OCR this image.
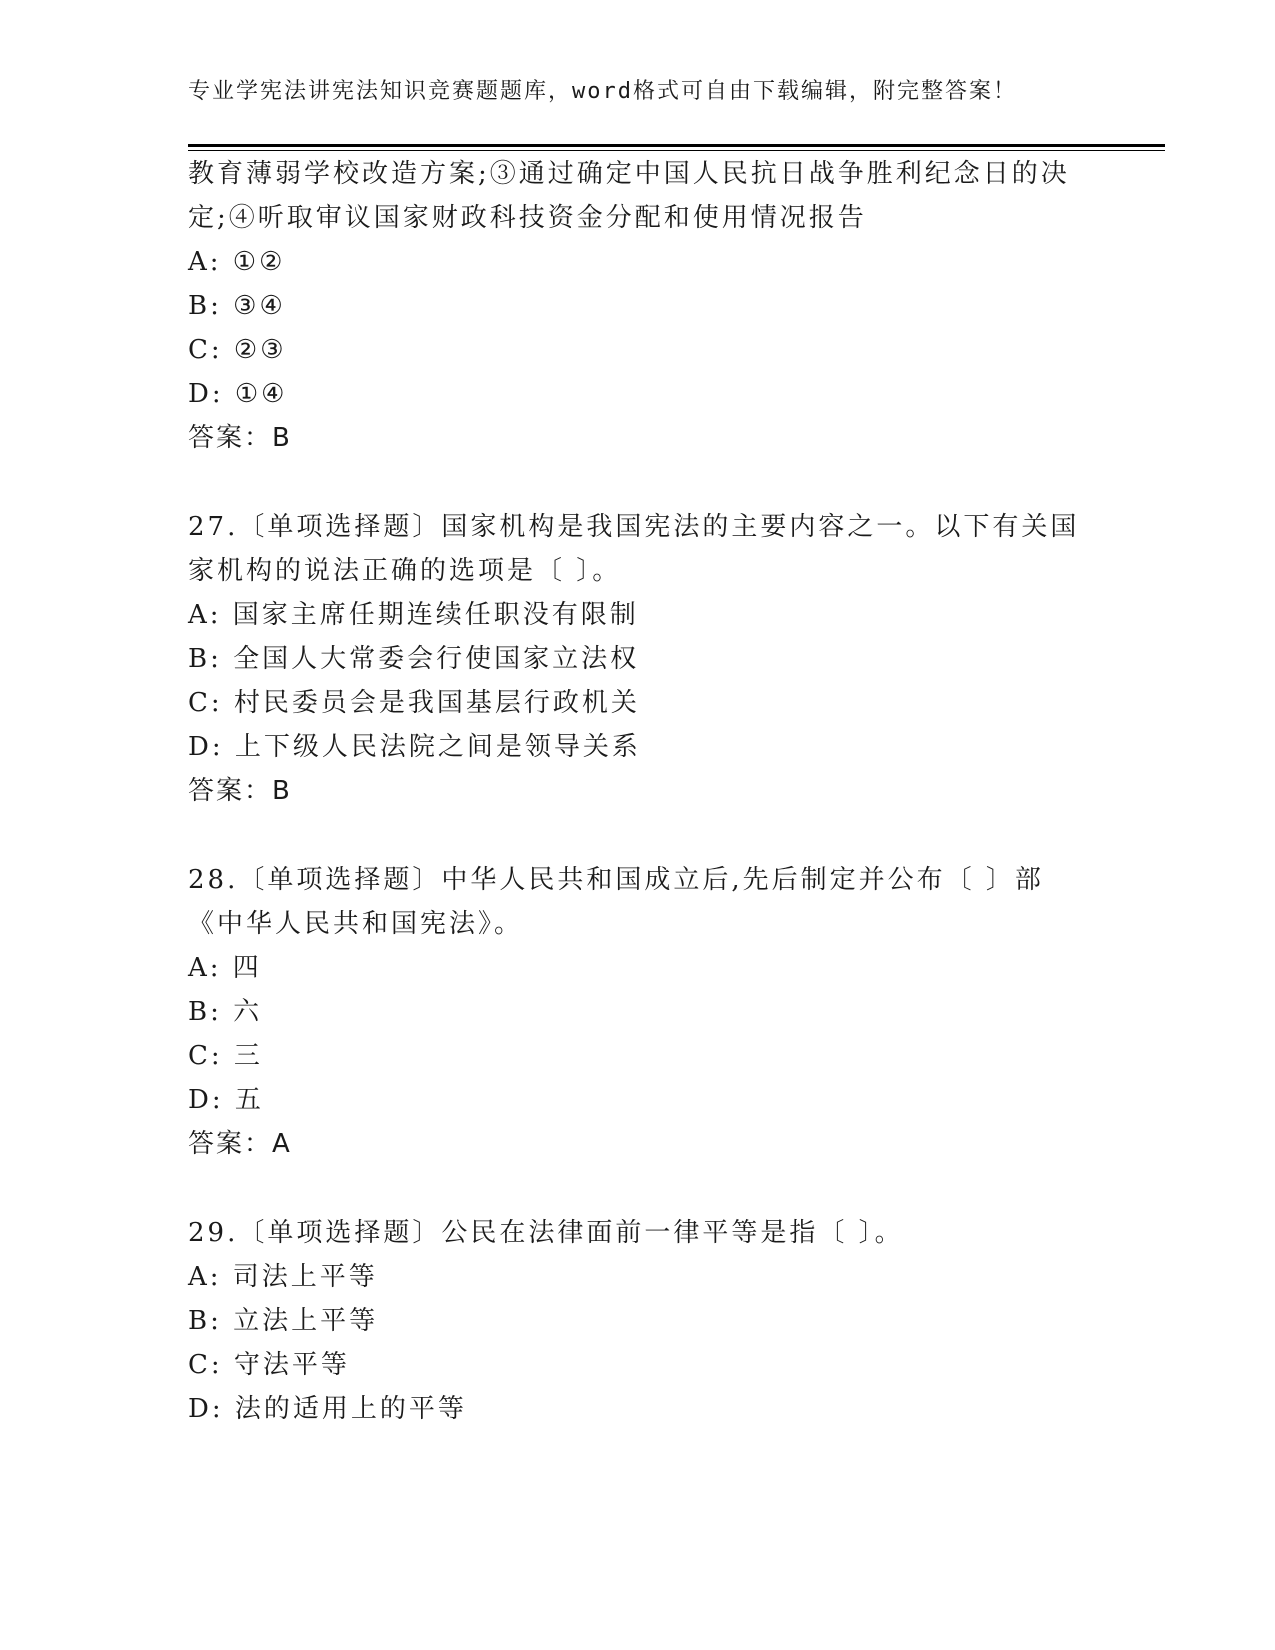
专业学宪法讲宪法知识竞赛题题库，word格式可自由下载编辑，附完整答案！
教育薄弱学校改造方案;③通过确定中国人民抗日战争胜利纪念日的决
定;④听取审议国家财政科技资金分配和使用情况报告
A: ①②
B: ③④
C: ②③
D: ①④
答案：B
27.〔单项选择题〕国家机构是我国宪法的主要内容之一。以下有关国
家机构的说法正确的选项是〔 〕。
A: 国家主席任期连续任职没有限制
B: 全国人大常委会行使国家立法权
C: 村民委员会是我国基层行政机关
D: 上下级人民法院之间是领导关系
答案：B
28.〔单项选择题〕中华人民共和国成立后,先后制定并公布〔 〕部
《中华人民共和国宪法》。
A: 四
B: 六
C: 三
D: 五
答案：A
29.〔单项选择题〕公民在法律面前一律平等是指〔 〕。
A: 司法上平等
B: 立法上平等
C: 守法平等
D: 法的适用上的平等
